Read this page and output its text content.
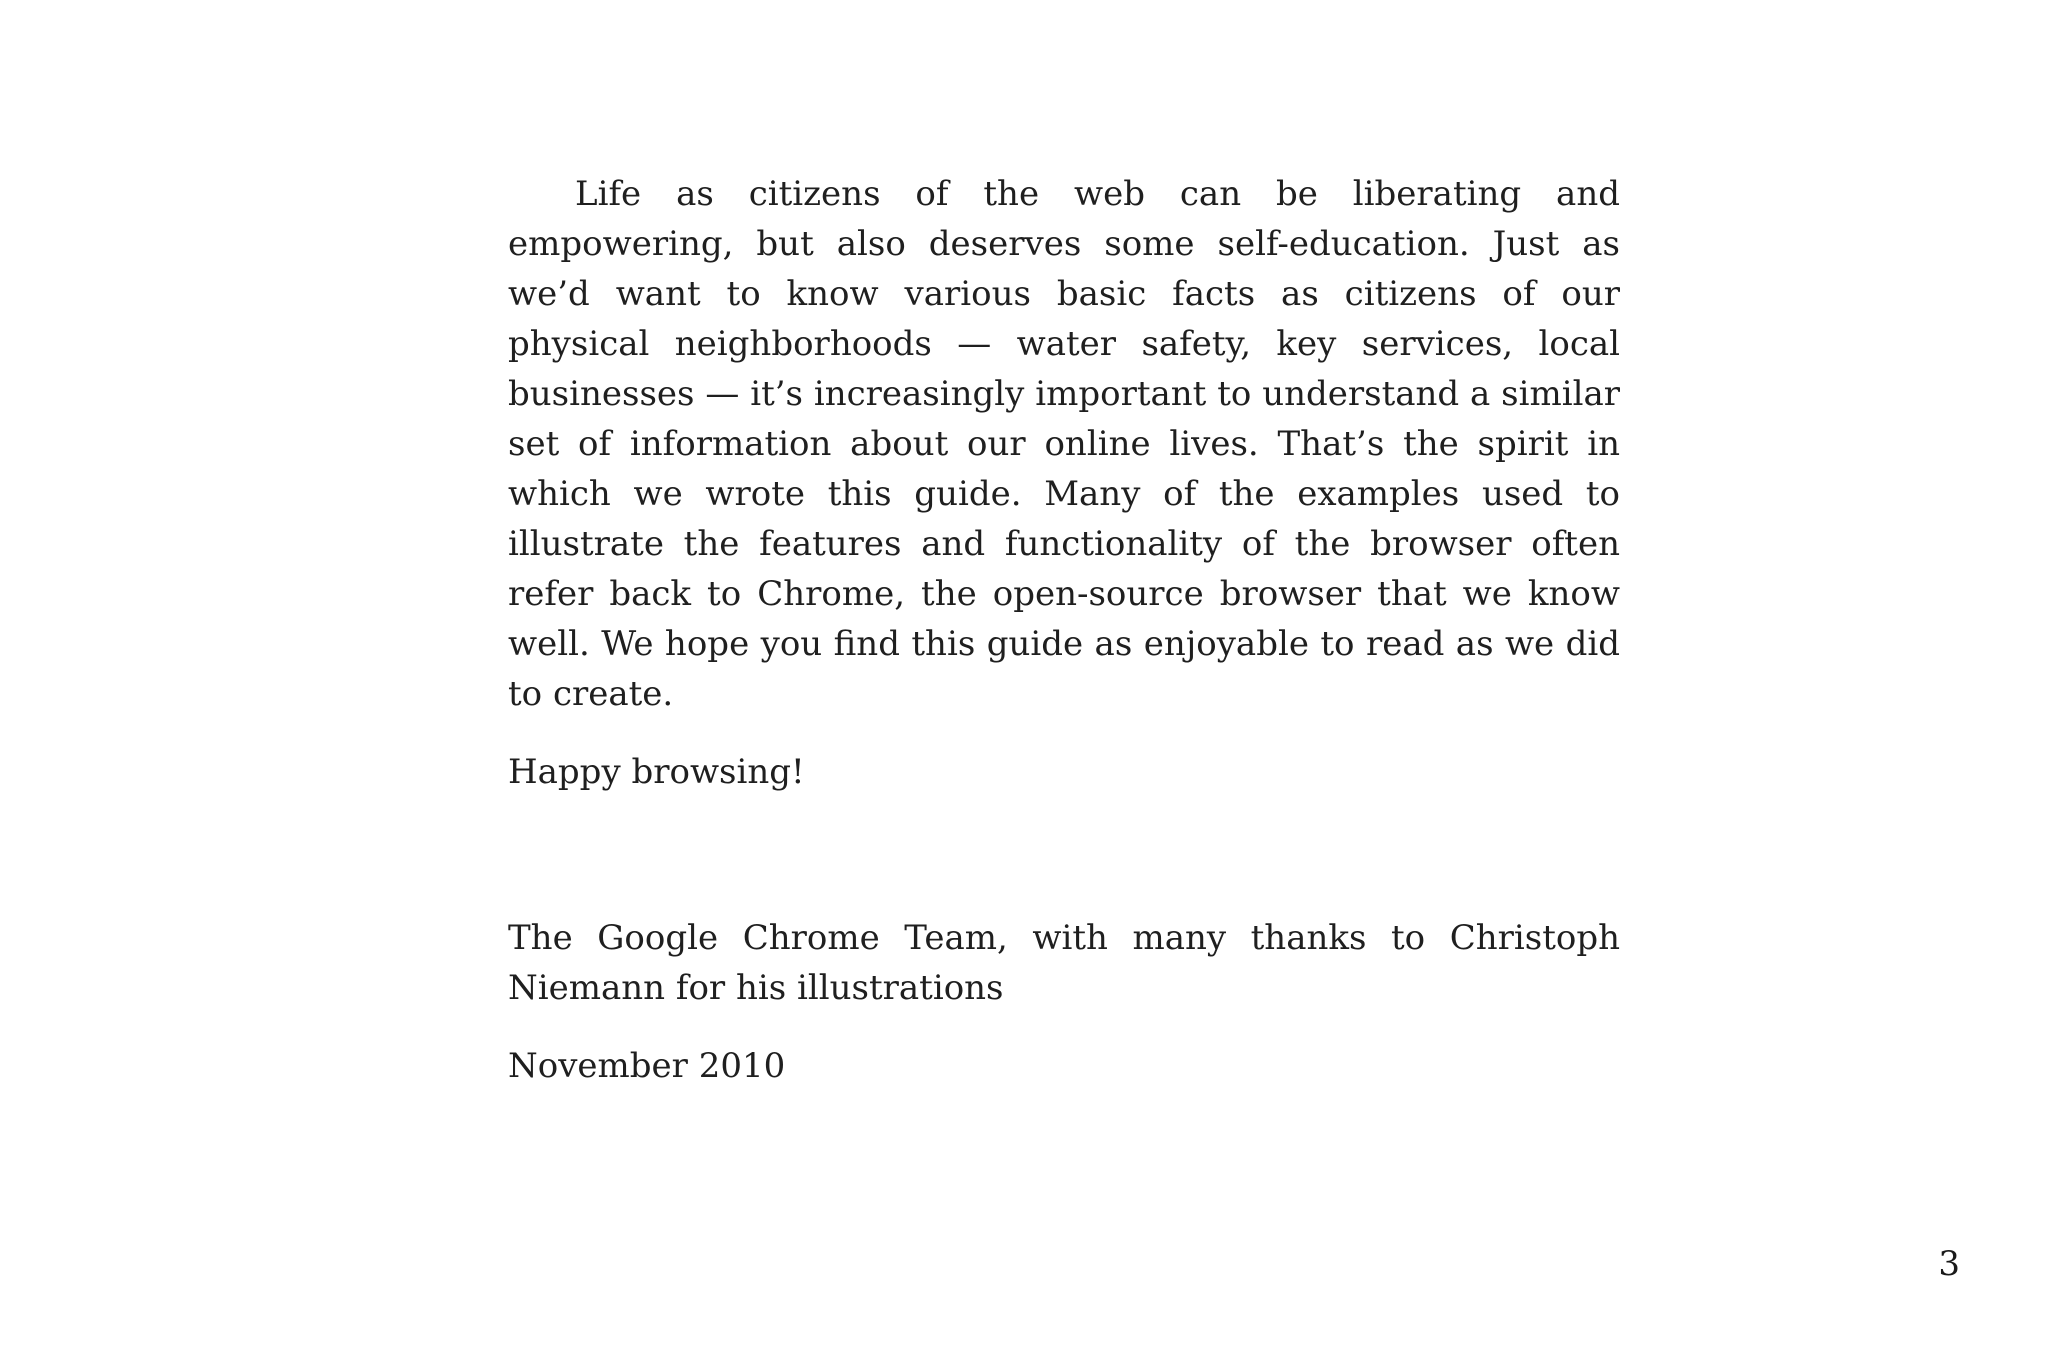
Life as citizens of the web can be liberating and empowering, but also deserves some self-education. Just as we’d want to know various basic facts as citizens of our physical neighborhoods — water safety, key services, local businesses — it’s increasingly important to understand a similar set of information about our online lives. That’s the spirit in which we wrote this guide. Many of the examples used to illustrate the features and functionality of the browser often refer back to Chrome, the open-source browser that we know well. We hope you find this guide as enjoyable to read as we did to create.

Happy browsing!

The Google Chrome Team, with many thanks to Christoph Niemann for his illustrations

November 2010

3
